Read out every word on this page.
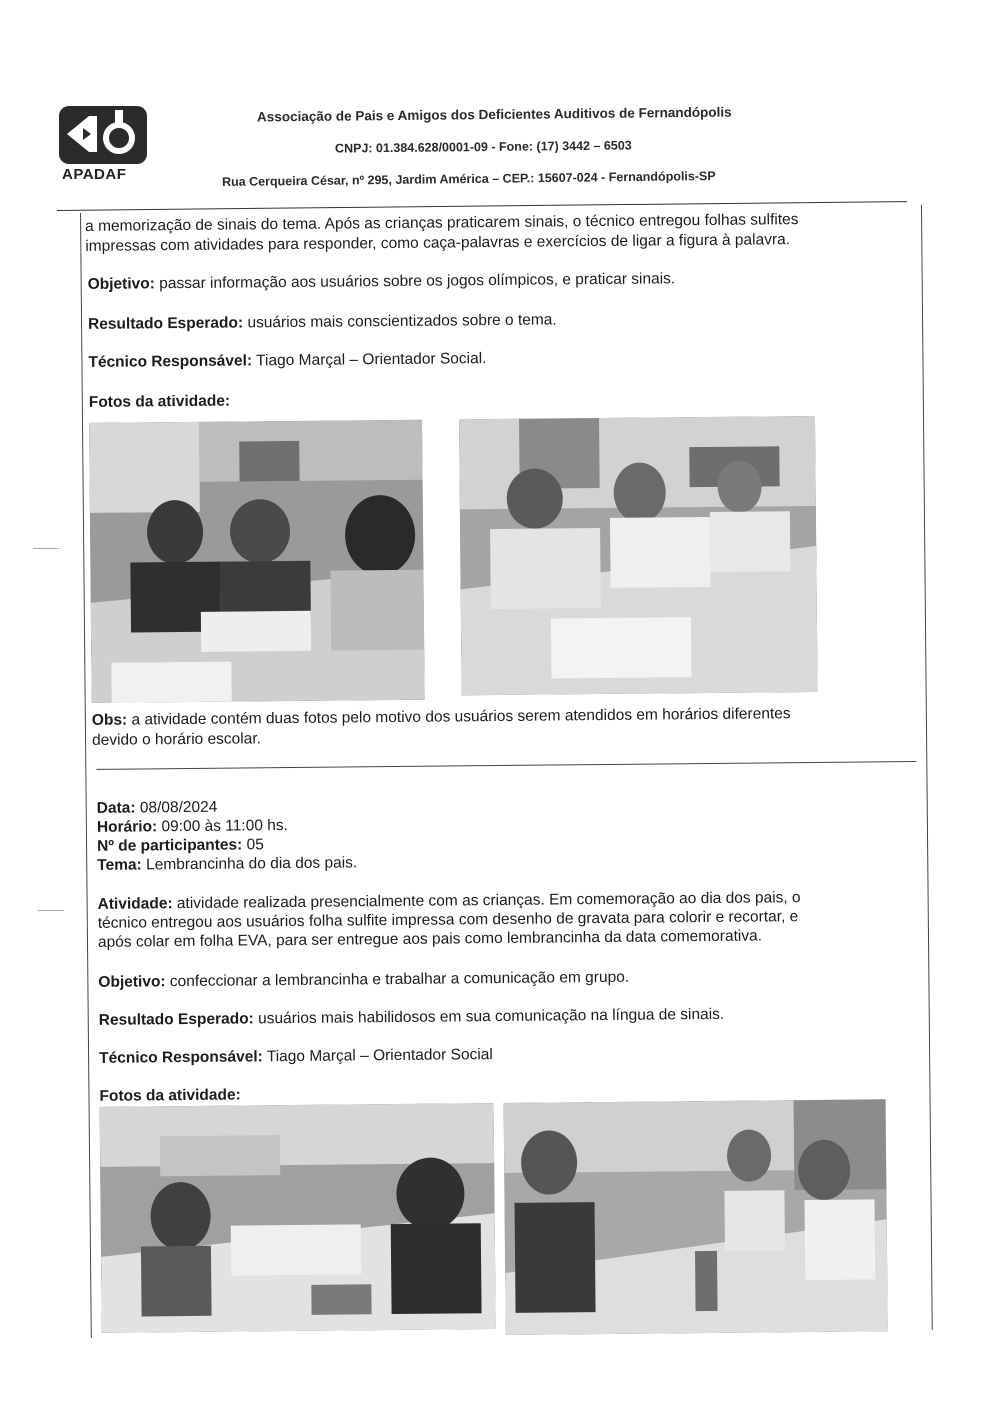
APADAF
Associação de Pais e Amigos dos Deficientes Auditivos de Fernandópolis
CNPJ: 01.384.628/0001-09 - Fone: (17) 3442 – 6503
Rua Cerqueira César, nº 295, Jardim América – CEP.: 15607-024 - Fernandópolis-SP
a memorização de sinais do tema. Após as crianças praticarem sinais, o técnico entregou folhas sulfites
impressas com atividades para responder, como caça-palavras e exercícios de ligar a figura à palavra.
Objetivo: passar informação aos usuários sobre os jogos olímpicos, e praticar sinais.
Resultado Esperado: usuários mais conscientizados sobre o tema.
Técnico Responsável: Tiago Marçal – Orientador Social.
Fotos da atividade:
Obs: a atividade contém duas fotos pelo motivo dos usuários serem atendidos em horários diferentes
devido o horário escolar.
Data: 08/08/2024
Horário: 09:00 às 11:00 hs.
Nº de participantes: 05
Tema: Lembrancinha do dia dos pais.
Atividade: atividade realizada presencialmente com as crianças. Em comemoração ao dia dos pais, o
técnico entregou aos usuários folha sulfite impressa com desenho de gravata para colorir e recortar, e
após colar em folha EVA, para ser entregue aos pais como lembrancinha da data comemorativa.
Objetivo: confeccionar a lembrancinha e trabalhar a comunicação em grupo.
Resultado Esperado: usuários mais habilidosos em sua comunicação na língua de sinais.
Técnico Responsável: Tiago Marçal – Orientador Social
Fotos da atividade:
